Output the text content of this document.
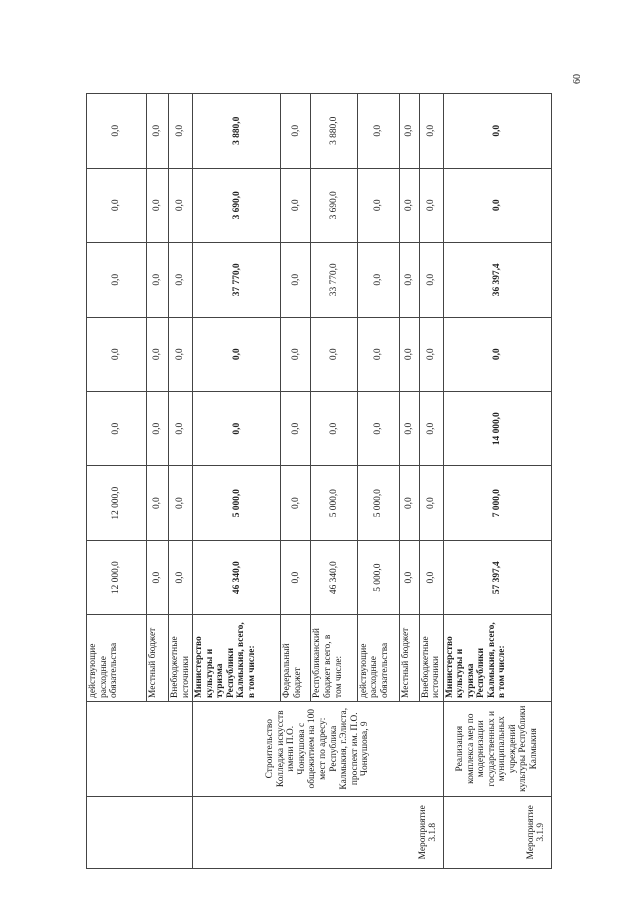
60
		действующие расходные обязательства	12 000,0	12 000,0	0,0	0,0	0,0	0,0	0,0
		Местный бюджет	0,0	0,0	0,0	0,0	0,0	0,0	0,0
		Внебюджетные источники	0,0	0,0	0,0	0,0	0,0	0,0	0,0
Мероприятие 3.1.8	Строительство Колледжа искусств имени П.О. Чонкушова с общежитием на 100 мест по адресу: Республика Калмыкия, г.Элиста, проспект им. П.О. Чонкушова, 9	Министерство культуры и туризма Республики Калмыкия, всего, в том числе:	46 340,0	5 000,0	0,0	0,0	37 770,0	3 690,0	3 880,0
		Федеральный бюджет	0,0	0,0	0,0	0,0	0,0	0,0	0,0
		Республиканский бюджет всего, в том числе:	46 340,0	5 000,0	0,0	0,0	33 770,0	3 690,0	3 880,0
		действующие расходные обязательства	5 000,0	5 000,0	0,0	0,0	0,0	0,0	0,0
		Местный бюджет	0,0	0,0	0,0	0,0	0,0	0,0	0,0
		Внебюджетные источники	0,0	0,0	0,0	0,0	0,0	0,0	0,0
Мероприятие 3.1.9	Реализация комплекса мер по модернизации государственных и муниципальных учреждений культуры Республики Калмыкия	Министерство культуры и туризма Республики Калмыкия, всего, в том числе:	57 397,4	7 000,0	14 000,0	0,0	36 397,4	0,0	0,0
